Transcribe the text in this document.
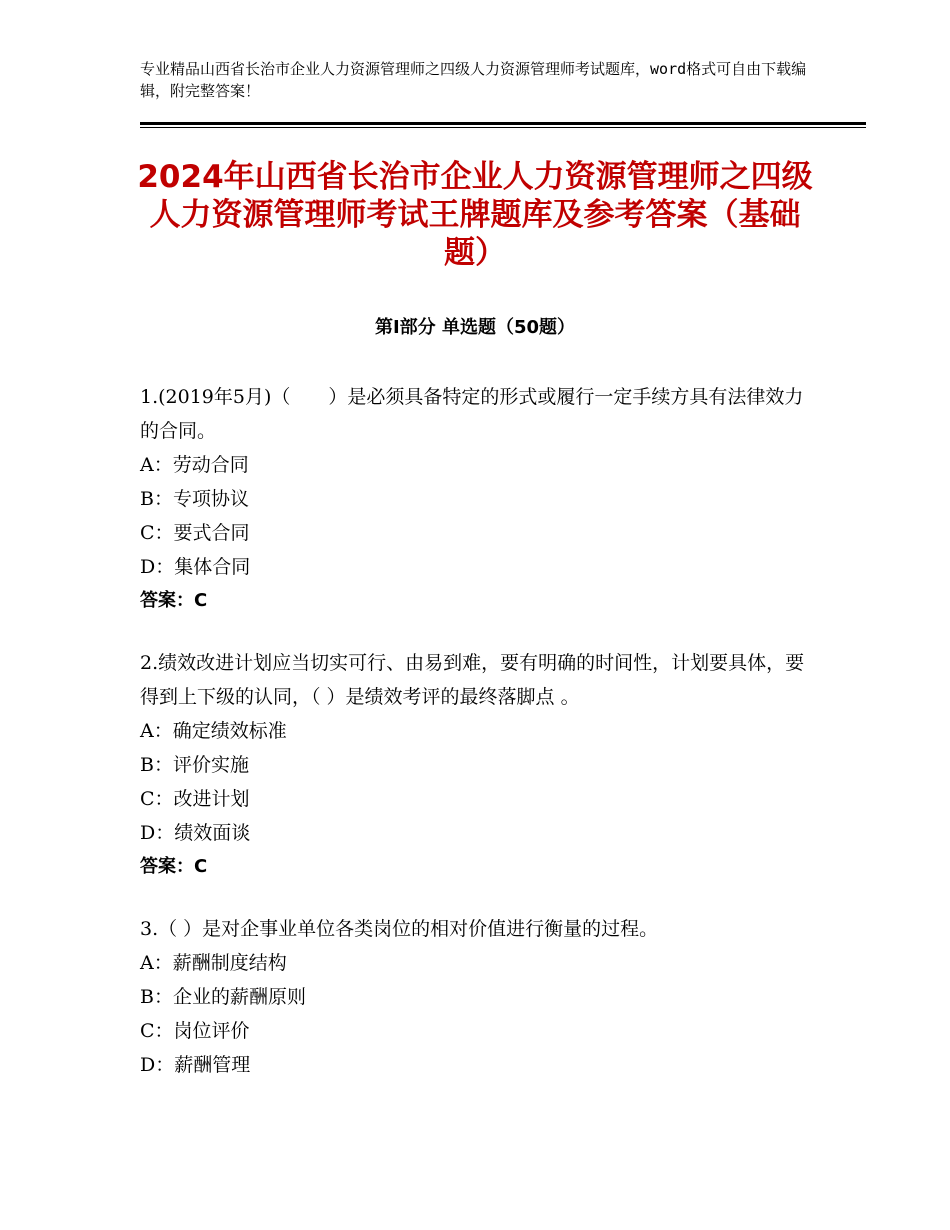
专业精品山西省长治市企业人力资源管理师之四级人力资源管理师考试题库，word格式可自由下载编辑，附完整答案！
2024年山西省长治市企业人力资源管理师之四级人力资源管理师考试王牌题库及参考答案（基础题）
第Ⅰ部分 单选题（50题）

1.(2019年5月)（　　）是必须具备特定的形式或履行一定手续方具有法律效力的合同。

A：劳动合同

B：专项协议

C：要式合同

D：集体合同

答案：C

2.绩效改进计划应当切实可行、由易到难，要有明确的时间性，计划要具体，要得到上下级的认同，（ ）是绩效考评的最终落脚点 。

A：确定绩效标准

B：评价实施

C：改进计划

D：绩效面谈

答案：C

3.（ ）是对企事业单位各类岗位的相对价值进行衡量的过程。

A：薪酬制度结构

B：企业的薪酬原则

C：岗位评价

D：薪酬管理
